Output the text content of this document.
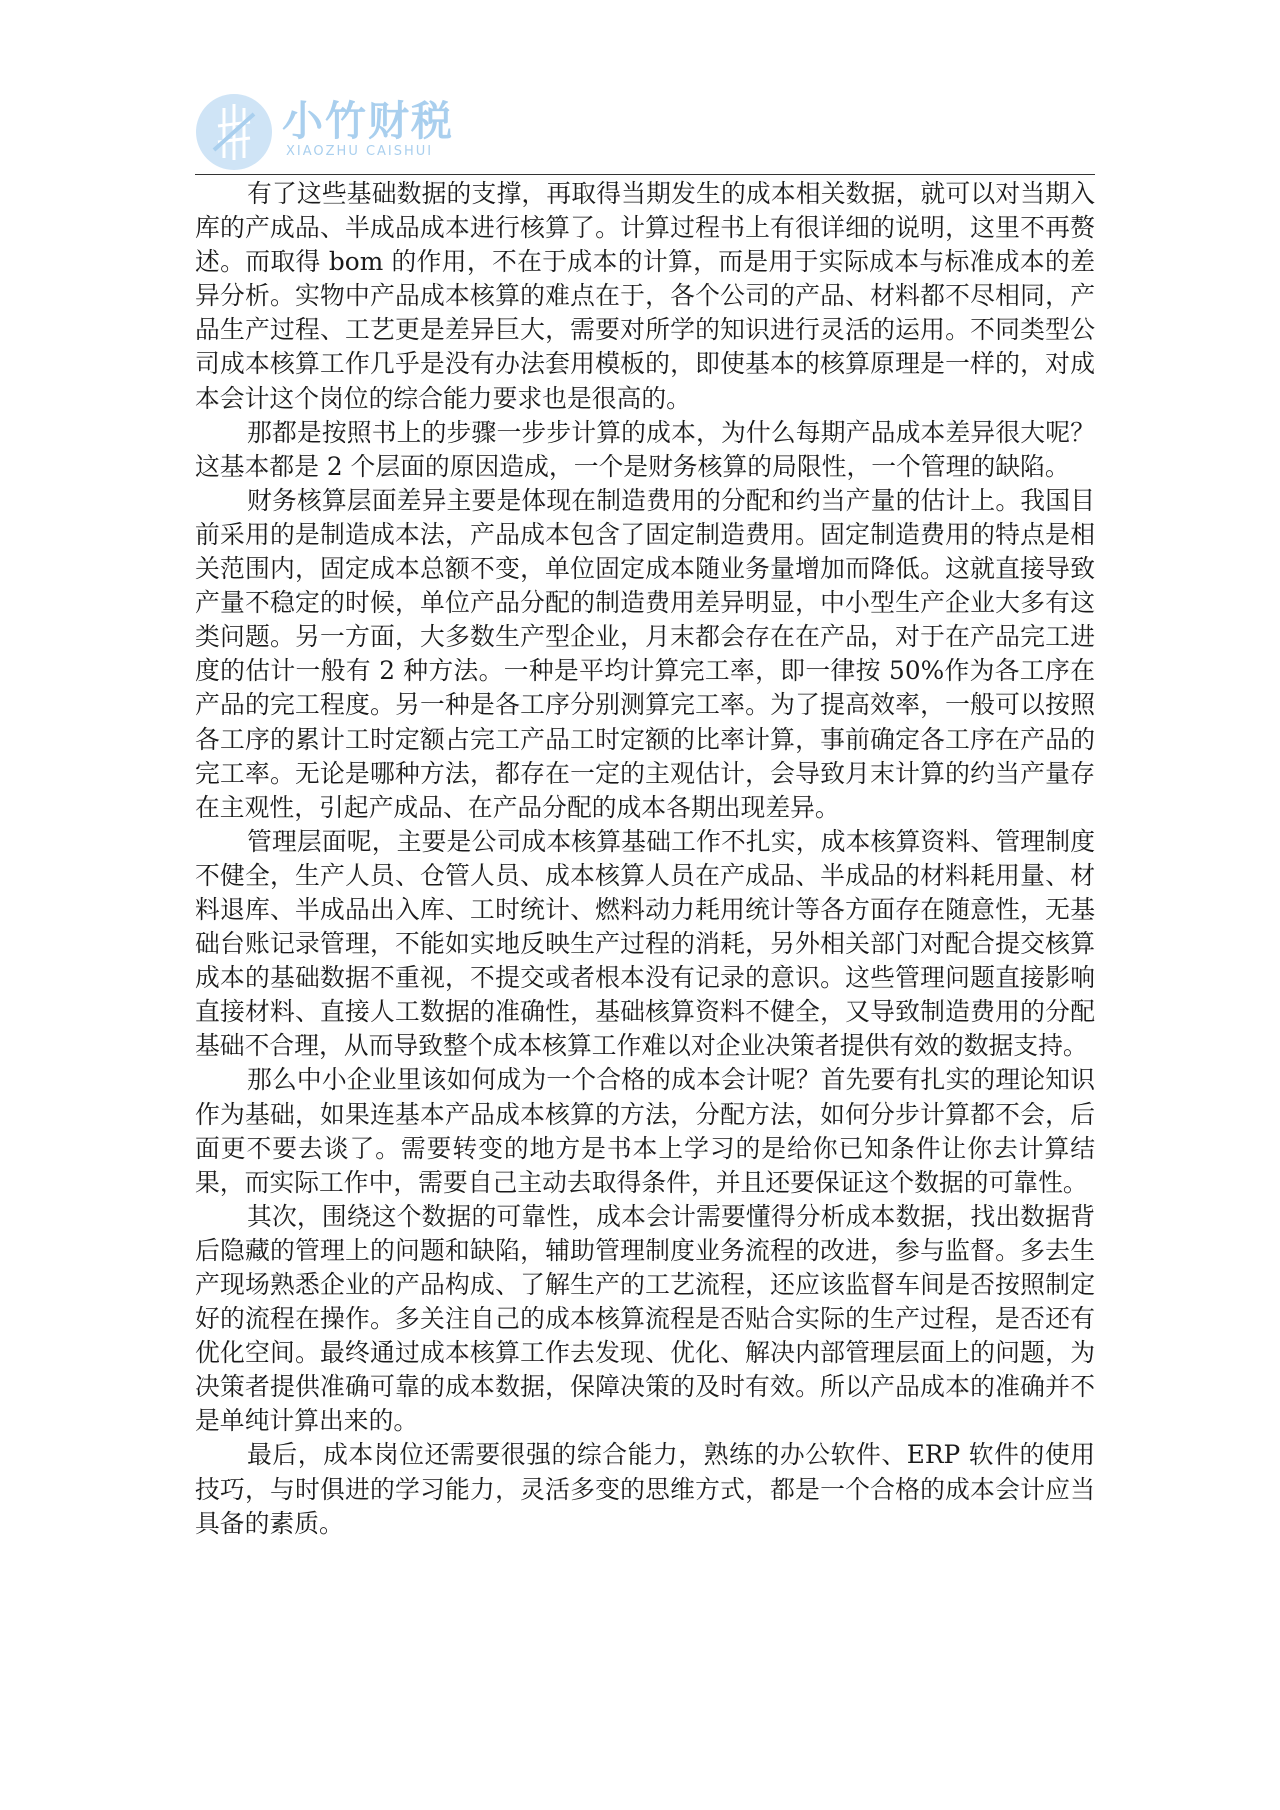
小竹财税
XIAOZHU CAISHUI

有了这些基础数据的支撑，再取得当期发生的成本相关数据，就可以对当期入库的产成品、半成品成本进行核算了。计算过程书上有很详细的说明，这里不再赘述。而取得 bom 的作用，不在于成本的计算，而是用于实际成本与标准成本的差异分析。实物中产品成本核算的难点在于，各个公司的产品、材料都不尽相同，产品生产过程、工艺更是差异巨大，需要对所学的知识进行灵活的运用。不同类型公司成本核算工作几乎是没有办法套用模板的，即使基本的核算原理是一样的，对成本会计这个岗位的综合能力要求也是很高的。

那都是按照书上的步骤一步步计算的成本，为什么每期产品成本差异很大呢？这基本都是 2 个层面的原因造成，一个是财务核算的局限性，一个管理的缺陷。

财务核算层面差异主要是体现在制造费用的分配和约当产量的估计上。我国目前采用的是制造成本法，产品成本包含了固定制造费用。固定制造费用的特点是相关范围内，固定成本总额不变，单位固定成本随业务量增加而降低。这就直接导致产量不稳定的时候，单位产品分配的制造费用差异明显，中小型生产企业大多有这类问题。另一方面，大多数生产型企业，月末都会存在在产品，对于在产品完工进度的估计一般有 2 种方法。一种是平均计算完工率，即一律按 50%作为各工序在产品的完工程度。另一种是各工序分别测算完工率。为了提高效率，一般可以按照各工序的累计工时定额占完工产品工时定额的比率计算，事前确定各工序在产品的完工率。无论是哪种方法，都存在一定的主观估计，会导致月末计算的约当产量存在主观性，引起产成品、在产品分配的成本各期出现差异。

管理层面呢，主要是公司成本核算基础工作不扎实，成本核算资料、管理制度不健全，生产人员、仓管人员、成本核算人员在产成品、半成品的材料耗用量、材料退库、半成品出入库、工时统计、燃料动力耗用统计等各方面存在随意性，无基础台账记录管理，不能如实地反映生产过程的消耗，另外相关部门对配合提交核算成本的基础数据不重视，不提交或者根本没有记录的意识。这些管理问题直接影响直接材料、直接人工数据的准确性，基础核算资料不健全，又导致制造费用的分配基础不合理，从而导致整个成本核算工作难以对企业决策者提供有效的数据支持。

那么中小企业里该如何成为一个合格的成本会计呢？首先要有扎实的理论知识作为基础，如果连基本产品成本核算的方法，分配方法，如何分步计算都不会，后面更不要去谈了。需要转变的地方是书本上学习的是给你已知条件让你去计算结果，而实际工作中，需要自己主动去取得条件，并且还要保证这个数据的可靠性。

其次，围绕这个数据的可靠性，成本会计需要懂得分析成本数据，找出数据背后隐藏的管理上的问题和缺陷，辅助管理制度业务流程的改进，参与监督。多去生产现场熟悉企业的产品构成、了解生产的工艺流程，还应该监督车间是否按照制定好的流程在操作。多关注自己的成本核算流程是否贴合实际的生产过程，是否还有优化空间。最终通过成本核算工作去发现、优化、解决内部管理层面上的问题，为决策者提供准确可靠的成本数据，保障决策的及时有效。所以产品成本的准确并不是单纯计算出来的。

最后，成本岗位还需要很强的综合能力，熟练的办公软件、ERP 软件的使用技巧，与时俱进的学习能力，灵活多变的思维方式，都是一个合格的成本会计应当具备的素质。
